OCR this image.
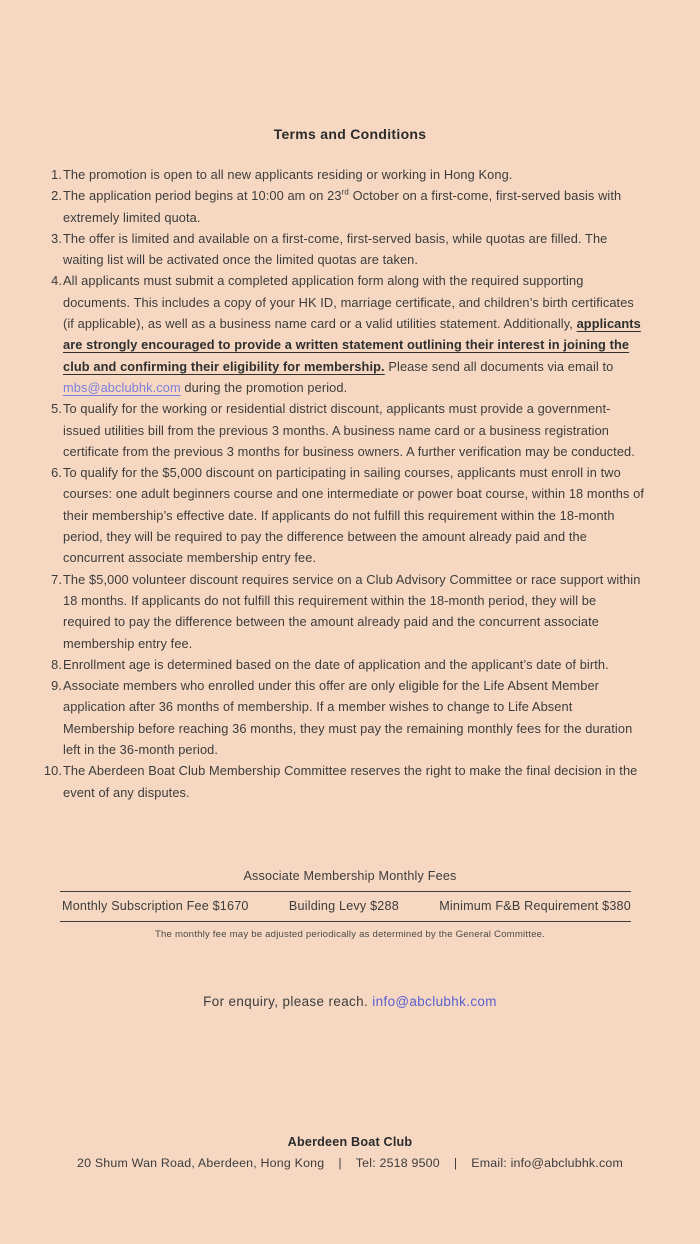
Terms and Conditions
1. The promotion is open to all new applicants residing or working in Hong Kong.
2. The application period begins at 10:00 am on 23rd October on a first-come, first-served basis with extremely limited quota.
3. The offer is limited and available on a first-come, first-served basis, while quotas are filled. The waiting list will be activated once the limited quotas are taken.
4. All applicants must submit a completed application form along with the required supporting documents. This includes a copy of your HK ID, marriage certificate, and children’s birth certificates (if applicable), as well as a business name card or a valid utilities statement. Additionally, applicants are strongly encouraged to provide a written statement outlining their interest in joining the club and confirming their eligibility for membership. Please send all documents via email to mbs@abclubhk.com during the promotion period.
5. To qualify for the working or residential district discount, applicants must provide a government-issued utilities bill from the previous 3 months. A business name card or a business registration certificate from the previous 3 months for business owners. A further verification may be conducted.
6. To qualify for the $5,000 discount on participating in sailing courses, applicants must enroll in two courses: one adult beginners course and one intermediate or power boat course, within 18 months of their membership’s effective date. If applicants do not fulfill this requirement within the 18-month period, they will be required to pay the difference between the amount already paid and the concurrent associate membership entry fee.
7. The $5,000 volunteer discount requires service on a Club Advisory Committee or race support within 18 months. If applicants do not fulfill this requirement within the 18-month period, they will be required to pay the difference between the amount already paid and the concurrent associate membership entry fee.
8. Enrollment age is determined based on the date of application and the applicant’s date of birth.
9. Associate members who enrolled under this offer are only eligible for the Life Absent Member application after 36 months of membership. If a member wishes to change to Life Absent Membership before reaching 36 months, they must pay the remaining monthly fees for the duration left in the 36-month period.
10. The Aberdeen Boat Club Membership Committee reserves the right to make the final decision in the event of any disputes.
Associate Membership Monthly Fees
Monthly Subscription Fee $1670	Building Levy $288	Minimum F&B Requirement $380
The monthly fee may be adjusted periodically as determined by the General Committee.
For enquiry, please reach. info@abclubhk.com
Aberdeen Boat Club
20 Shum Wan Road, Aberdeen, Hong Kong | Tel: 2518 9500 | Email: info@abclubhk.com
